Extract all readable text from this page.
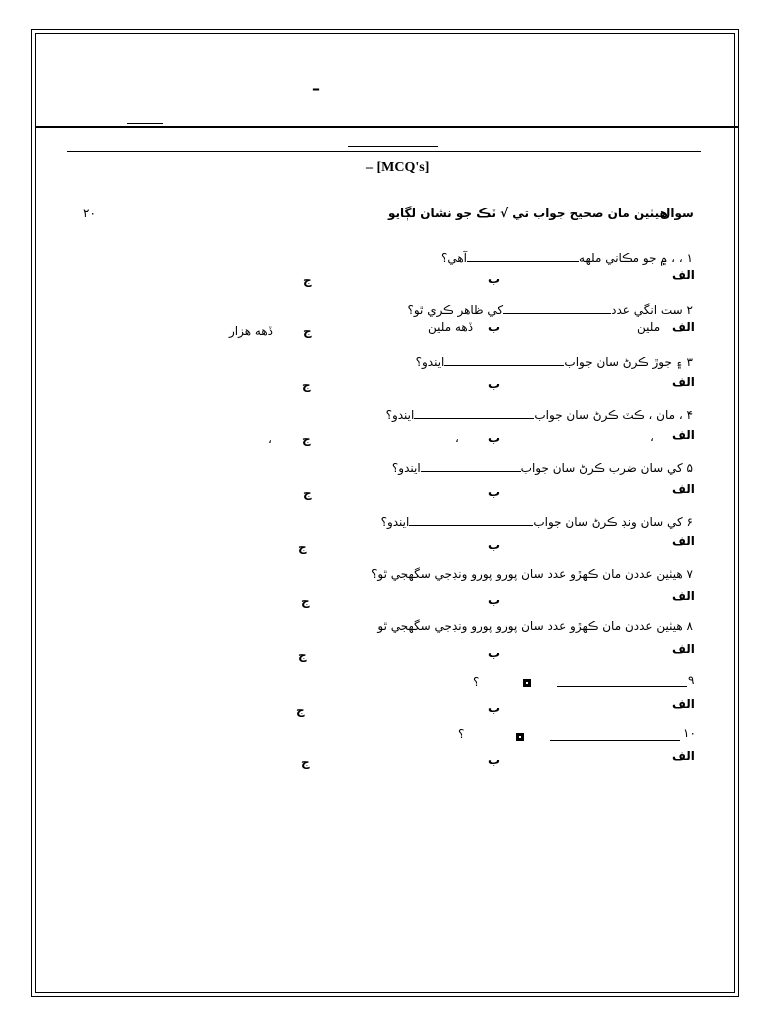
–
– [MCQ's]
سوال
هيٺين مان صحيح جواب تي √ ٽڪ جو نشان لڳايو
٢٠
١ ، ، ۾ جو مڪاني ملههآهي؟
الف
ب
ج
٢ ست انگي عددکي ظاهر ڪري ٿو؟
الف
ملين
ب
ڏهه ملين
ج
ڏهه هزار
٣ ۽ جوڙ ڪرڻ سان جوابايندو؟
الف
ب
ج
۴ ، مان ، ڪٽ ڪرڻ سان جوابايندو؟
الف
،
ب
،
ج
،
۵ کي سان ضرب ڪرڻ سان جوابايندو؟
الف
ب
ج
۶ کي سان ونڊ ڪرڻ سان جوابايندو؟
الف
ب
ج
٧ هيٺين عددن مان ڪهڙو عدد سان پورو پورو ونڊجي سگهجي ٿو؟
الف
ب
ج
٨ هيٺين عددن مان ڪهڙو عدد سان پورو پورو ونڊجي سگهجي ٿو
الف
ب
ج
٩
؟
الف
ب
ج
١٠
؟
الف
ب
ج
